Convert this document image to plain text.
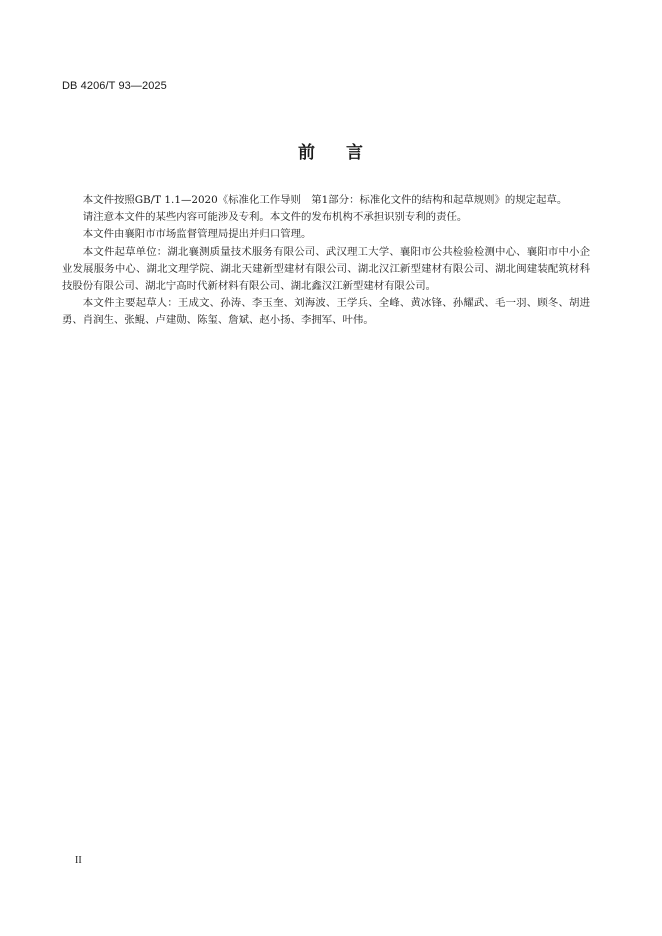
DB 4206/T 93—2025
前 言

本文件按照GB/T 1.1—2020《标准化工作导则　第1部分：标准化文件的结构和起草规则》的规定起草。

请注意本文件的某些内容可能涉及专利。本文件的发布机构不承担识别专利的责任。

本文件由襄阳市市场监督管理局提出并归口管理。

本文件起草单位：湖北襄测质量技术服务有限公司、武汉理工大学、襄阳市公共检验检测中心、襄阳市中小企业发展服务中心、湖北文理学院、湖北天建新型建材有限公司、湖北汉江新型建材有限公司、湖北闽建装配筑材科技股份有限公司、湖北宁高时代新材料有限公司、湖北鑫汉江新型建材有限公司。

本文件主要起草人：王成文、孙涛、李玉奎、刘海波、王学兵、全峰、黄冰锋、孙耀武、毛一羽、顾冬、胡进勇、肖润生、张鲲、卢建勋、陈玺、詹斌、赵小扬、李拥军、叶伟。

II
